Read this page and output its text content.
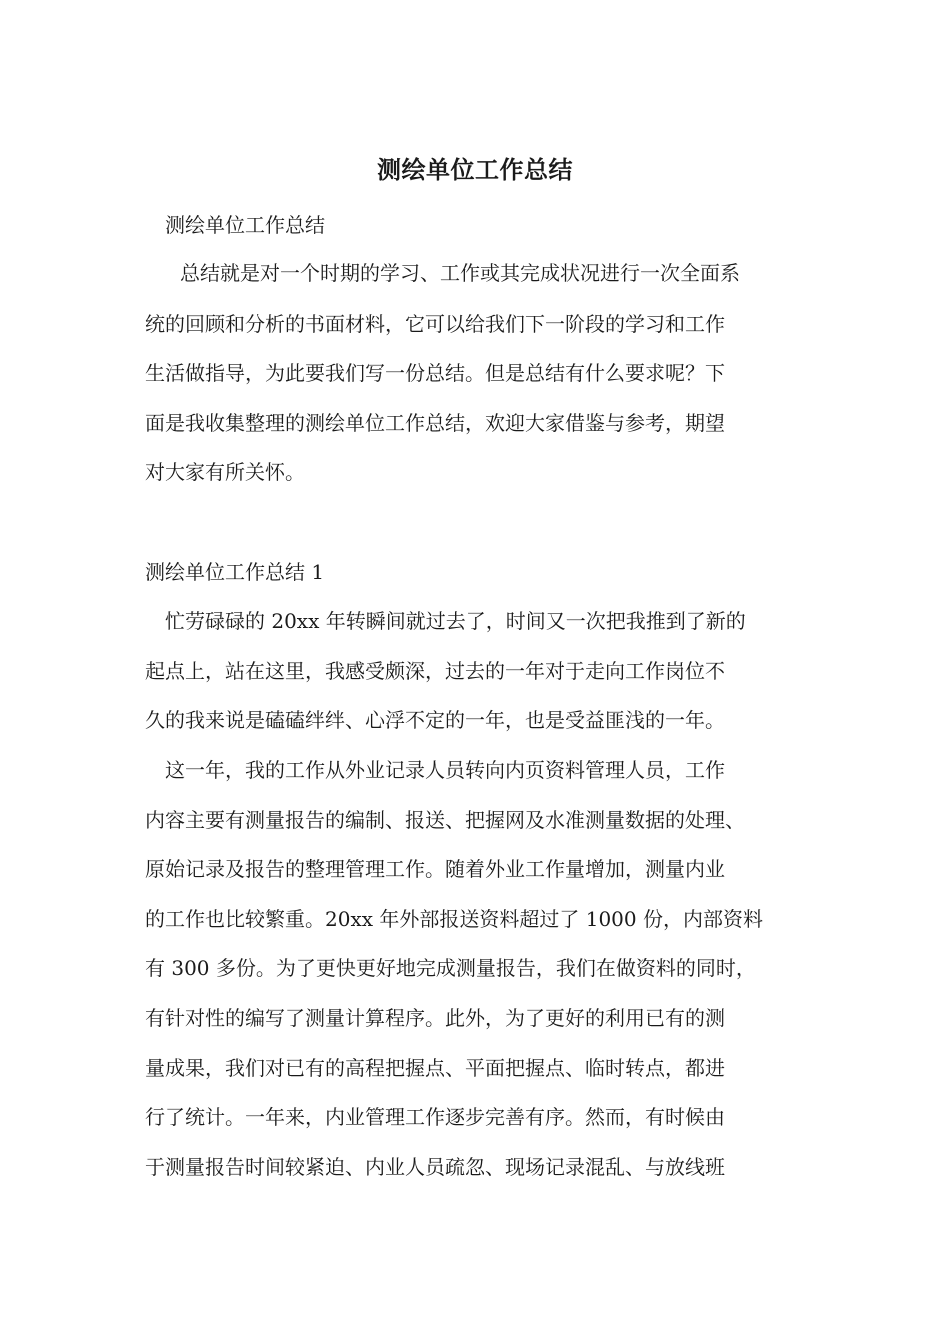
测绘单位工作总结

测绘单位工作总结

总结就是对一个时期的学习、工作或其完成状况进行一次全面系

统的回顾和分析的书面材料，它可以给我们下一阶段的学习和工作

生活做指导，为此要我们写一份总结。但是总结有什么要求呢？下

面是我收集整理的测绘单位工作总结，欢迎大家借鉴与参考，期望

对大家有所关怀。

测绘单位工作总结 1

忙劳碌碌的 20xx 年转瞬间就过去了，时间又一次把我推到了新的

起点上，站在这里，我感受颇深，过去的一年对于走向工作岗位不

久的我来说是磕磕绊绊、心浮不定的一年，也是受益匪浅的一年。

这一年，我的工作从外业记录人员转向内页资料管理人员，工作

内容主要有测量报告的编制、报送、把握网及水准测量数据的处理、

原始记录及报告的整理管理工作。随着外业工作量增加，测量内业

的工作也比较繁重。20xx 年外部报送资料超过了 1000 份，内部资料

有 300 多份。为了更快更好地完成测量报告，我们在做资料的同时，

有针对性的编写了测量计算程序。此外，为了更好的利用已有的测

量成果，我们对已有的高程把握点、平面把握点、临时转点，都进

行了统计。一年来，内业管理工作逐步完善有序。然而，有时候由

于测量报告时间较紧迫、内业人员疏忽、现场记录混乱、与放线班
